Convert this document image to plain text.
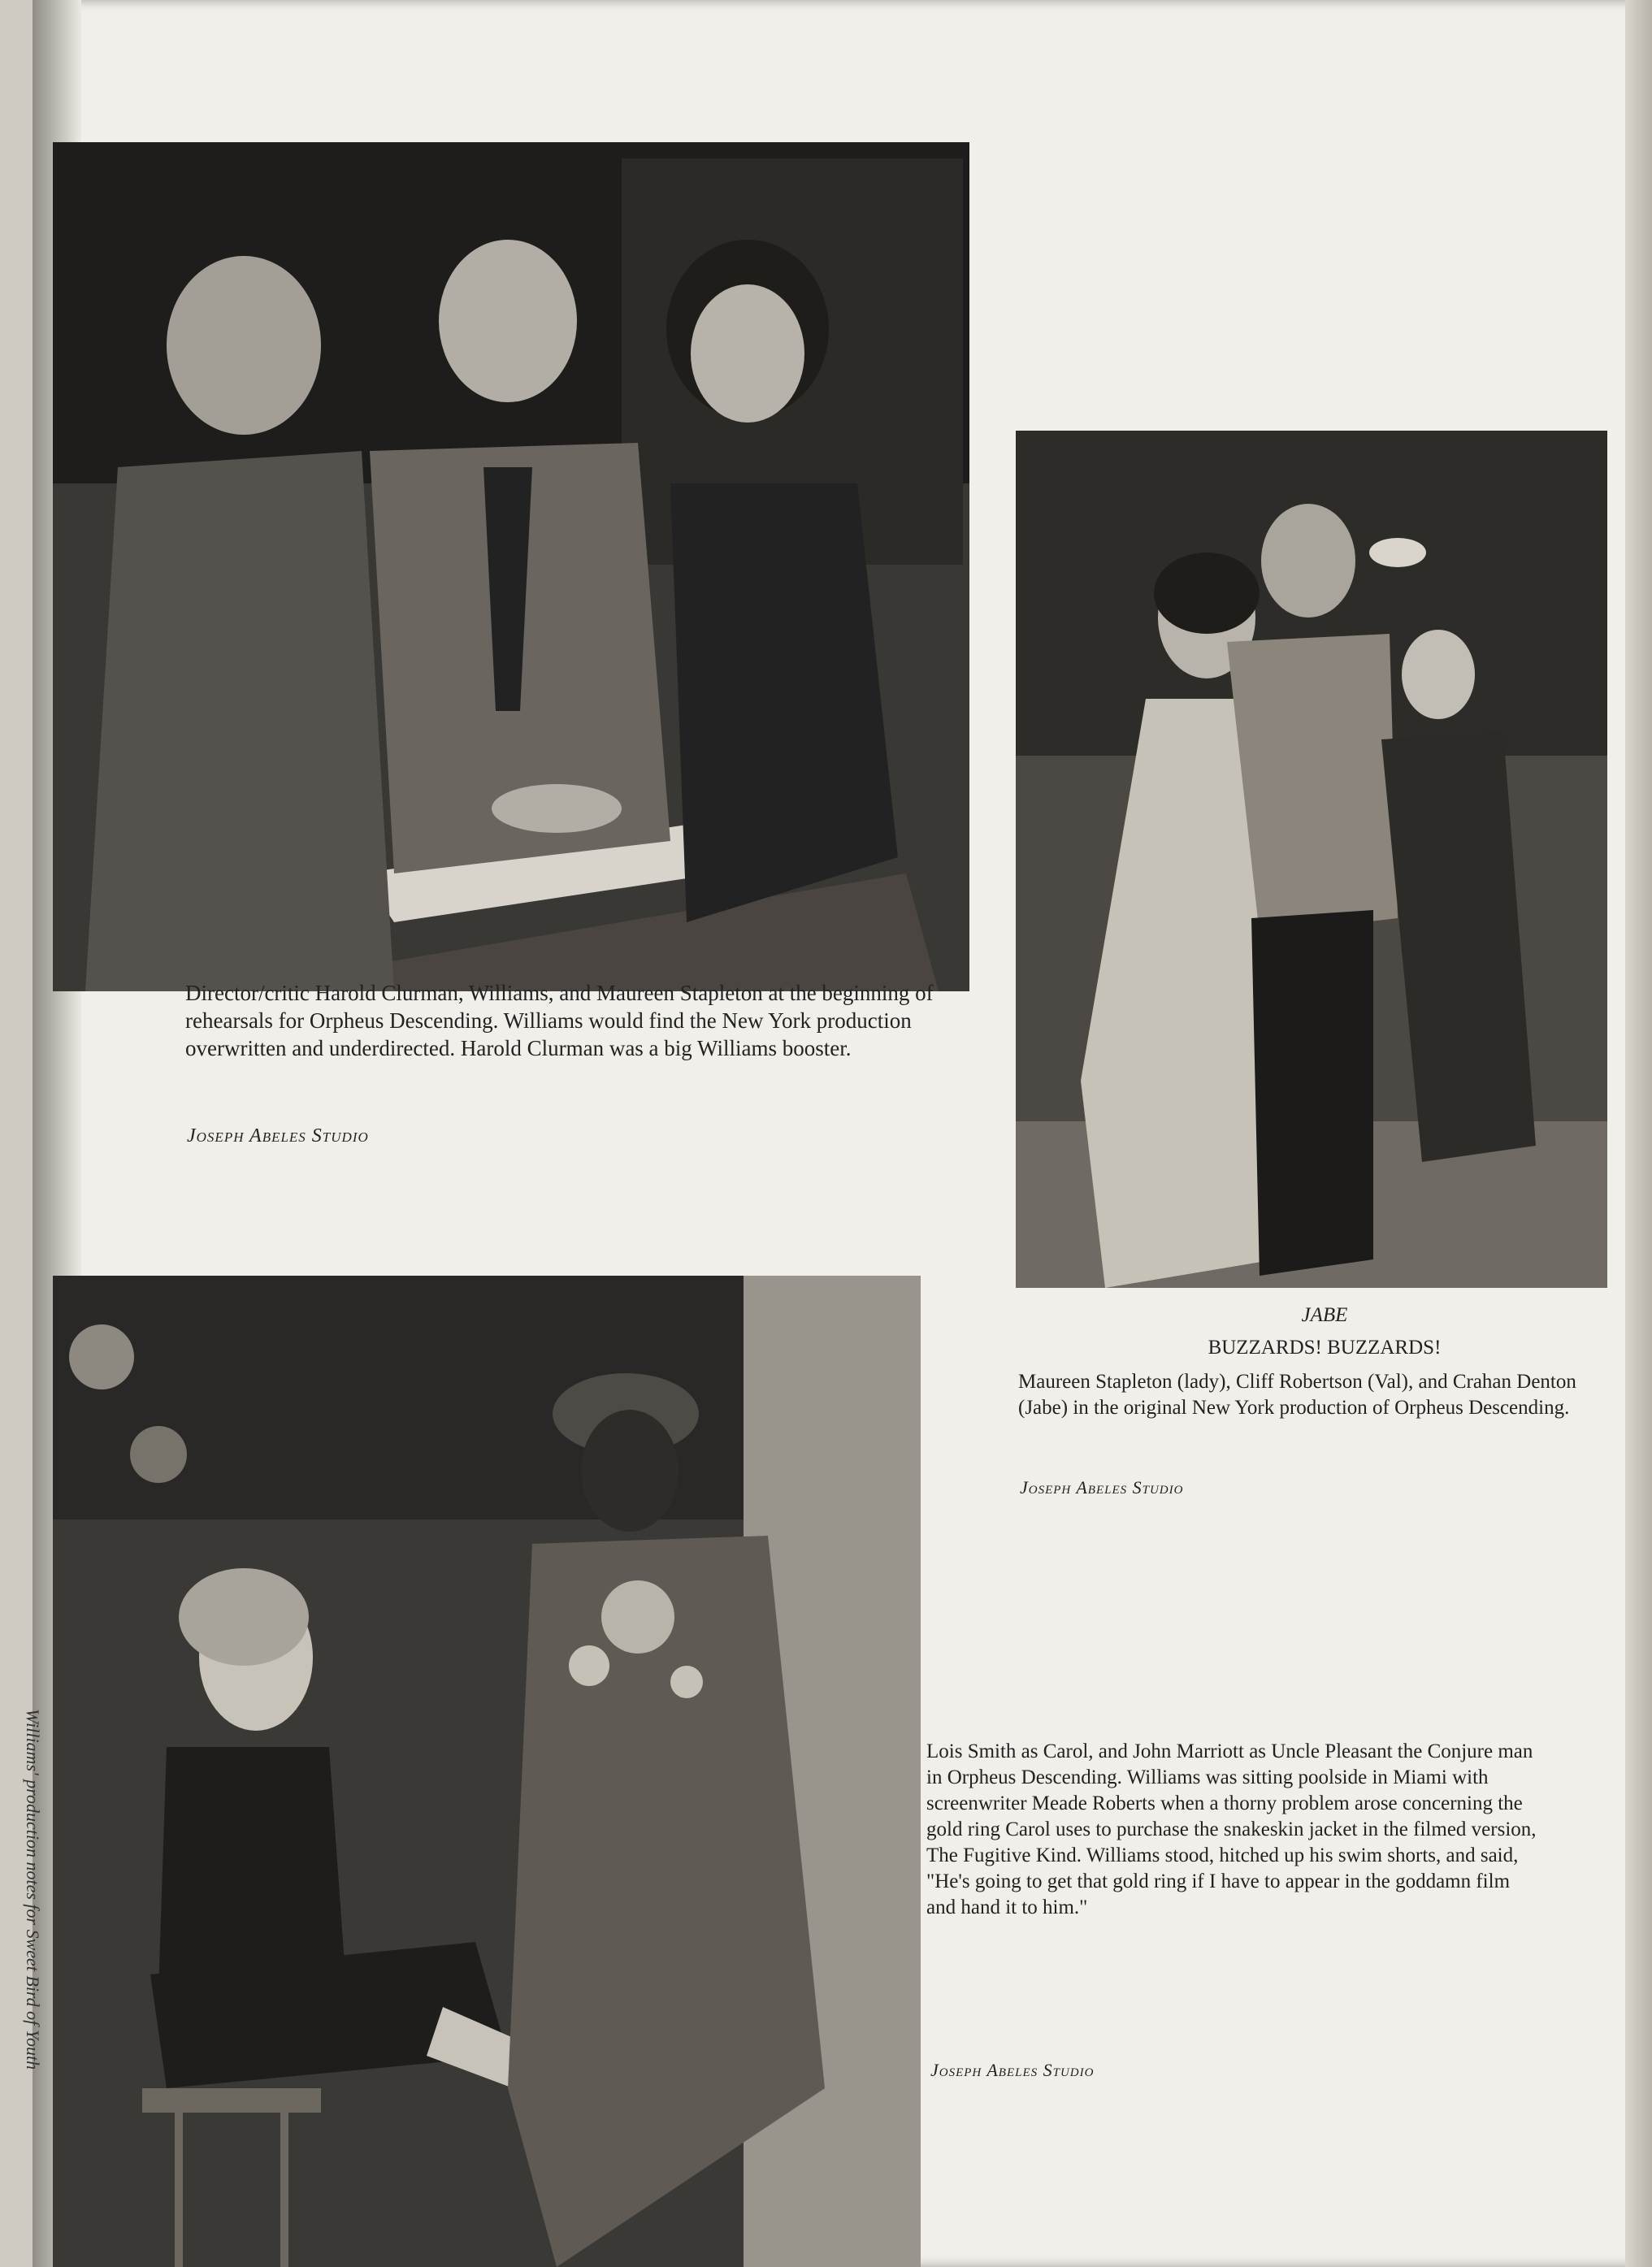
Director/critic Harold Clurman, Williams, and Maureen Stapleton at the beginning of rehearsals for Orpheus Descending. Williams would find the New York production overwritten and underdirected. Harold Clurman was a big Williams booster.
Joseph Abeles Studio
JABE
BUZZARDS! BUZZARDS!
Maureen Stapleton (lady), Cliff Robertson (Val), and Crahan Denton (Jabe) in the original New York production of Orpheus Descending.
Joseph Abeles Studio
Lois Smith as Carol, and John Marriott as Uncle Pleasant the Conjure man in Orpheus Descending. Williams was sitting poolside in Miami with screenwriter Meade Roberts when a thorny problem arose concerning the gold ring Carol uses to purchase the snakeskin jacket in the filmed version, The Fugitive Kind. Williams stood, hitched up his swim shorts, and said, "He's going to get that gold ring if I have to appear in the goddamn film and hand it to him."
Joseph Abeles Studio
Williams' production notes for Sweet Bird of Youth
